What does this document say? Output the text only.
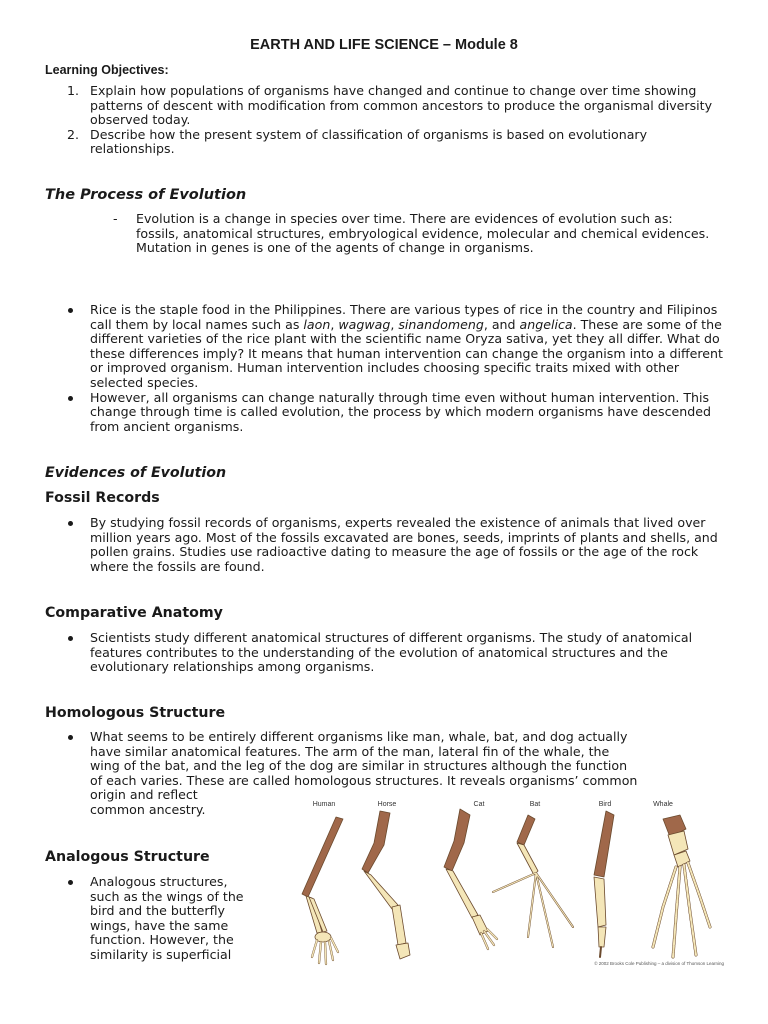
EARTH AND LIFE SCIENCE – Module 8
Learning Objectives:
1. Explain how populations of organisms have changed and continue to change over time showing patterns of descent with modification from common ancestors to produce the organismal diversity observed today.
2. Describe how the present system of classification of organisms is based on evolutionary relationships.
The Process of Evolution
- Evolution is a change in species over time. There are evidences of evolution such as: fossils, anatomical structures, embryological evidence, molecular and chemical evidences. Mutation in genes is one of the agents of change in organisms.
Rice is the staple food in the Philippines. There are various types of rice in the country and Filipinos call them by local names such as laon, wagwag, sinandomeng, and angelica. These are some of the different varieties of the rice plant with the scientific name Oryza sativa, yet they all differ. What do these differences imply? It means that human intervention can change the organism into a different or improved organism. Human intervention includes choosing specific traits mixed with other selected species.
However, all organisms can change naturally through time even without human intervention. This change through time is called evolution, the process by which modern organisms have descended from ancient organisms.
Evidences of Evolution
Fossil Records
By studying fossil records of organisms, experts revealed the existence of animals that lived over million years ago. Most of the fossils excavated are bones, seeds, imprints of plants and shells, and pollen grains. Studies use radioactive dating to measure the age of fossils or the age of the rock where the fossils are found.
Comparative Anatomy
Scientists study different anatomical structures of different organisms. The study of anatomical features contributes to the understanding of the evolution of anatomical structures and the evolutionary relationships among organisms.
Homologous Structure
What seems to be entirely different organisms like man, whale, bat, and dog actually
have similar anatomical features. The arm of the man, lateral fin of the whale, the
wing of the bat, and the leg of the dog are similar in structures although the function
of each varies. These are called homologous structures. It reveals organisms’ common
origin and reflect
common ancestry.
Analogous Structure
Analogous structures,
such as the wings of the
bird and the butterfly
wings, have the same
function. However, the
similarity is superficial
Human	Horse	Cat	Bat	Bird	Whale
© 2002 Brooks Cole Publishing – a division of Thomson Learning
